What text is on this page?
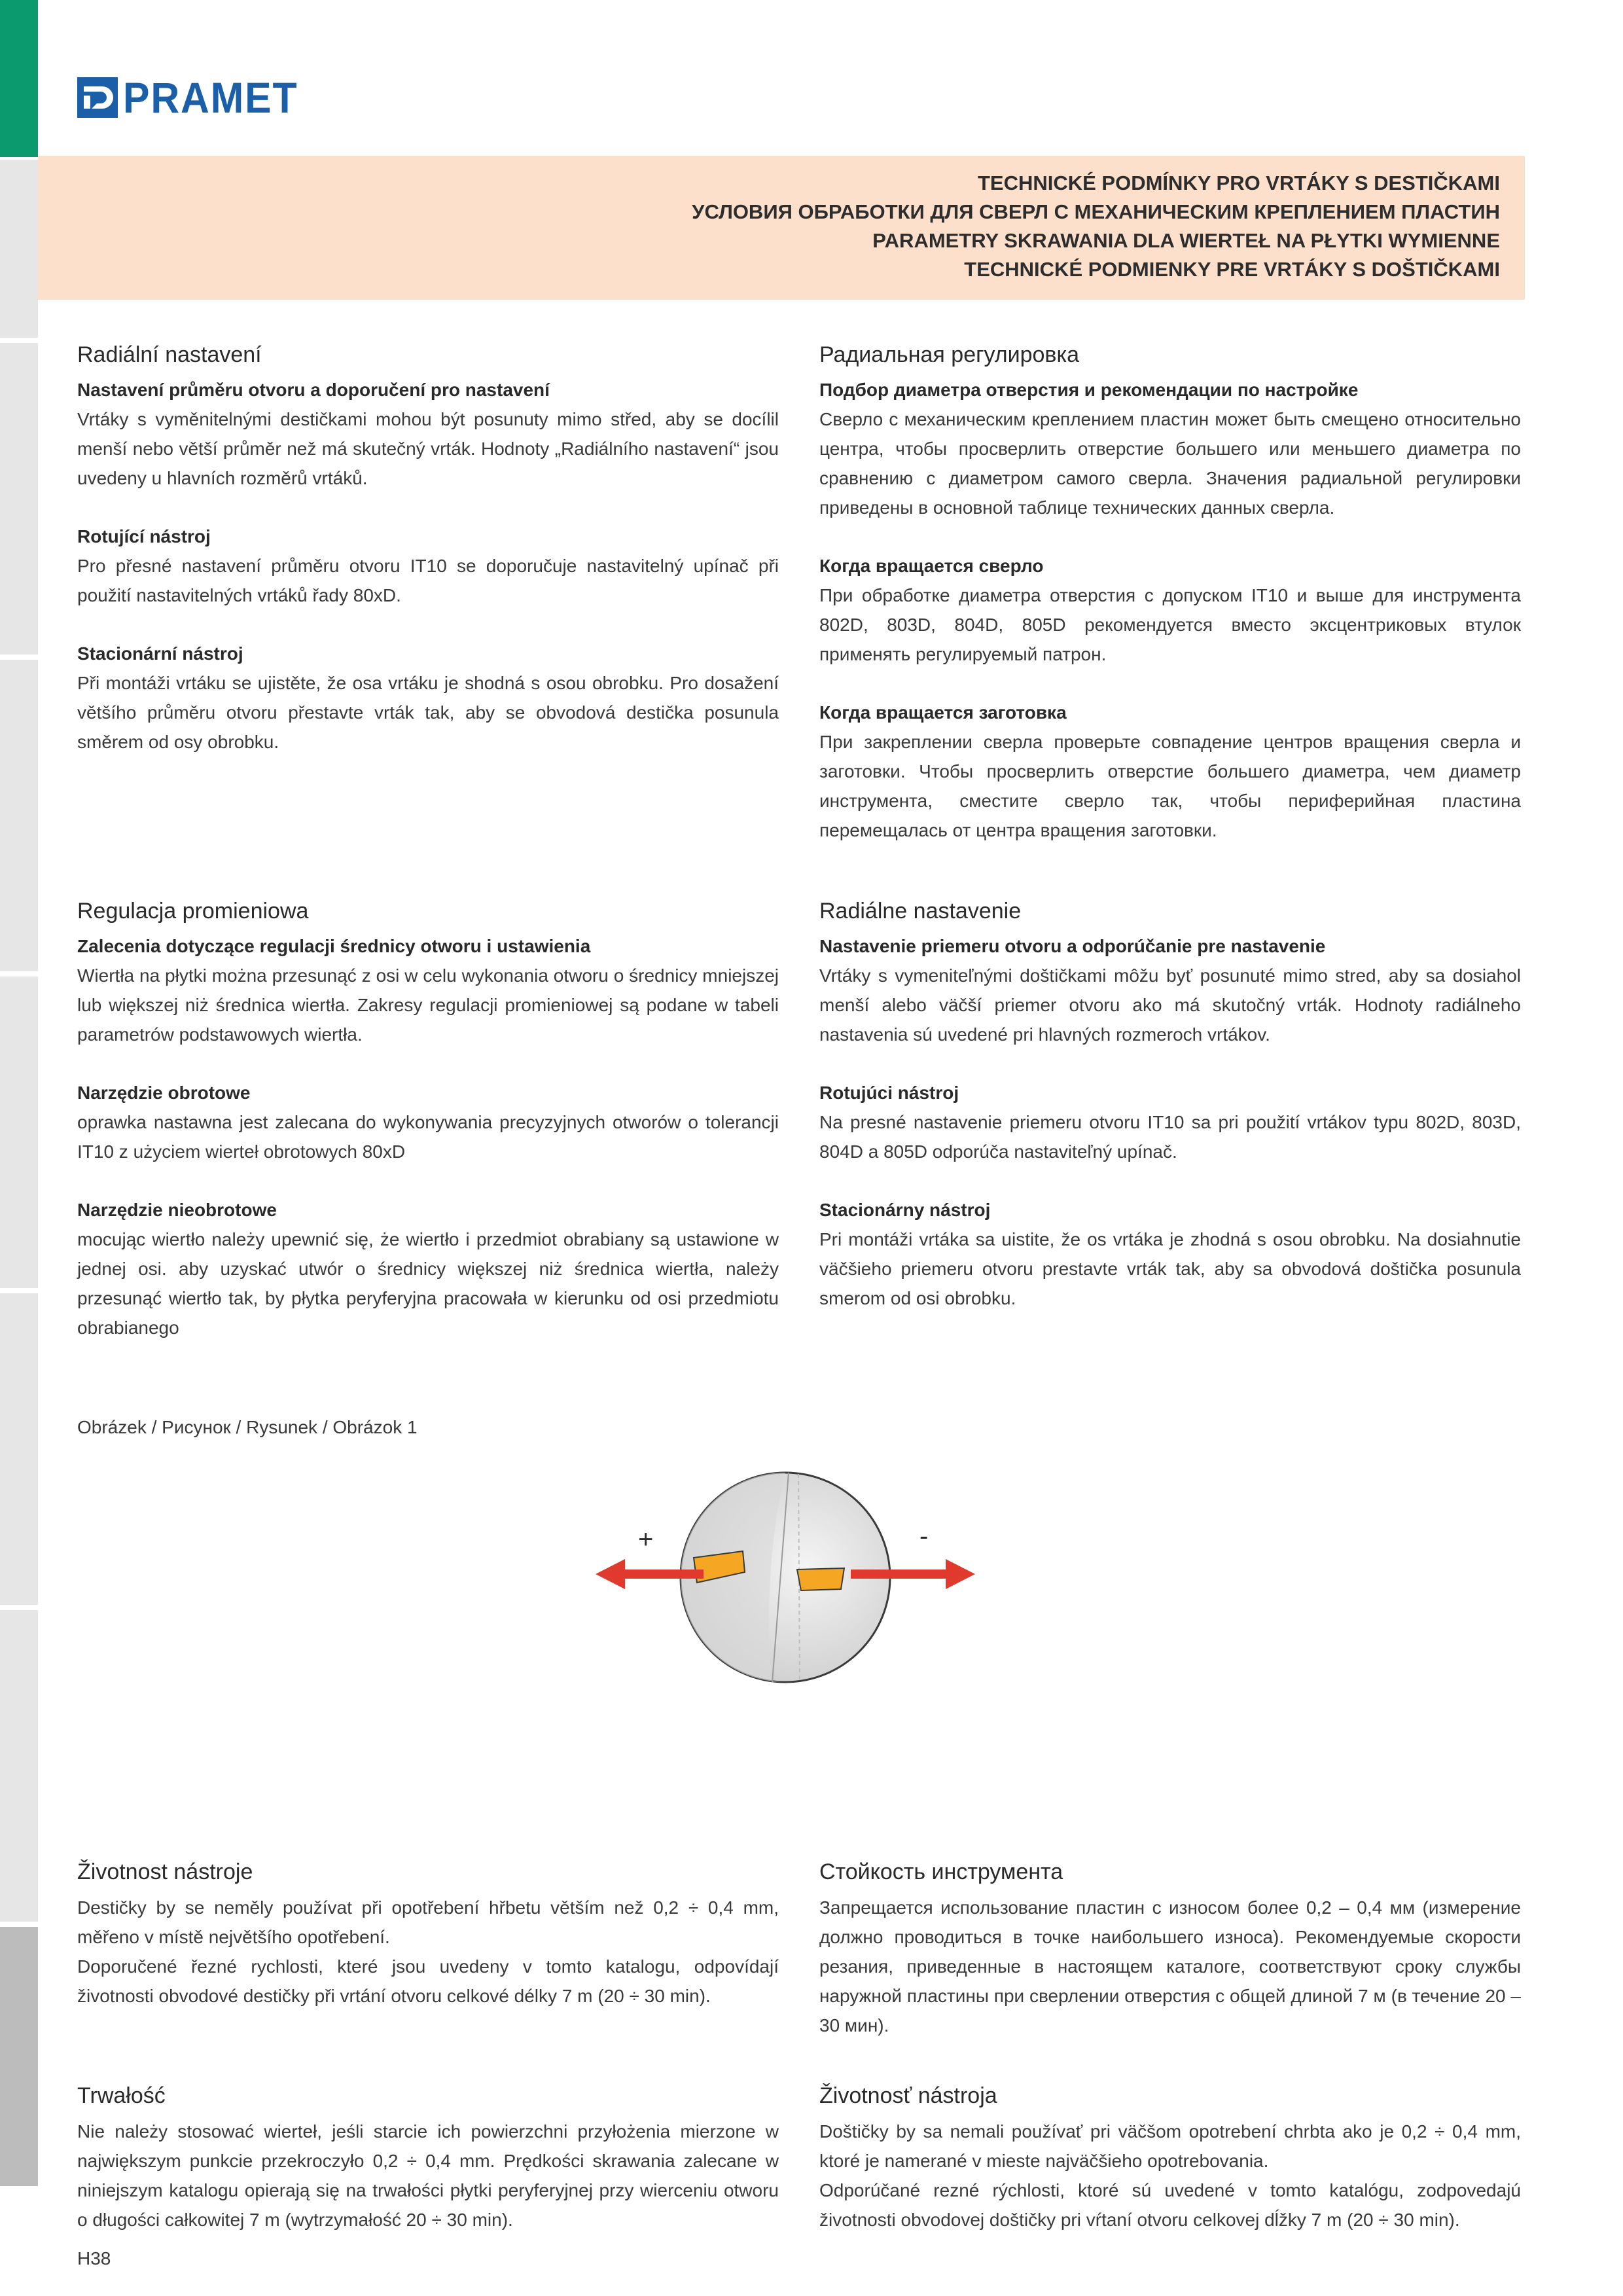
PRAMET
TECHNICKÉ PODMÍNKY PRO VRTÁKY S DESTIČKAMI
УСЛОВИЯ ОБРАБОТКИ ДЛЯ СВЕРЛ С МЕХАНИЧЕСКИМ КРЕПЛЕНИЕМ ПЛАСТИН
PARAMETRY SKRAWANIA DLA WIERTEŁ NA PŁYTKI WYMIENNE
TECHNICKÉ PODMIENKY PRE VRTÁKY S DOŠTIČKAMI
Radiální nastavení
Nastavení průměru otvoru a doporučení pro nastavení
Vrtáky s vyměnitelnými destičkami mohou být posunuty mimo střed, aby se docílil menší nebo větší průměr než má skutečný vrták. Hodnoty „Radiálního nastavení“ jsou uvedeny u hlavních rozměrů vrtáků.
Rotující nástroj
Pro přesné nastavení průměru otvoru IT10 se doporučuje nastavitelný upínač při použití nastavitelných vrtáků řady 80xD.
Stacionární nástroj
Při montáži vrtáku se ujistěte, že osa vrtáku je shodná s osou obrobku. Pro dosažení většího průměru otvoru přestavte vrták tak, aby se obvodová destička posunula směrem od osy obrobku.
Радиальная регулировка
Подбор диаметра отверстия и рекомендации по настройке
Сверло с механическим креплением пластин может быть смещено относительно центра, чтобы просверлить отверстие большего или меньшего диаметра по сравнению с диаметром самого сверла. Значения радиальной регулировки приведены в основной таблице технических данных сверла.
Когда вращается сверло
При обработке диаметра отверстия с допуском IT10 и выше для инструмента 802D, 803D, 804D, 805D рекомендуется вместо эксцентриковых втулок применять регулируемый патрон.
Когда вращается заготовка
При закреплении сверла проверьте совпадение центров вращения сверла и заготовки. Чтобы просверлить отверстие большего диаметра, чем диаметр инструмента, сместите сверло так, чтобы периферийная пластина перемещалась от центра вращения заготовки.
Regulacja promieniowa
Zalecenia dotyczące regulacji średnicy otworu i ustawienia
Wiertła na płytki można przesunąć z osi w celu wykonania otworu o średnicy mniejszej lub większej niż średnica wiertła. Zakresy regulacji promieniowej są podane w tabeli parametrów podstawowych wiertła.
Narzędzie obrotowe
oprawka nastawna jest zalecana do wykonywania precyzyjnych otworów o tolerancji IT10 z użyciem wierteł obrotowych 80xD
Narzędzie nieobrotowe
mocując wiertło należy upewnić się, że wiertło i przedmiot obrabiany są ustawione w jednej osi. aby uzyskać utwór o średnicy większej niż średnica wiertła, należy przesunąć wiertło tak, by płytka peryferyjna pracowała w kierunku od osi przedmiotu obrabianego
Radiálne nastavenie
Nastavenie priemeru otvoru a odporúčanie pre nastavenie
Vrtáky s vymeniteľnými doštičkami môžu byť posunuté mimo stred, aby sa dosiahol menší alebo väčší priemer otvoru ako má skutočný vrták. Hodnoty radiálneho nastavenia sú uvedené pri hlavných rozmeroch vrtákov.
Rotujúci nástroj
Na presné nastavenie priemeru otvoru IT10 sa pri použití vrtákov typu 802D, 803D, 804D a 805D odporúča nastaviteľný upínač.
Stacionárny nástroj
Pri montáži vrtáka sa uistite, že os vrtáka je zhodná s osou obrobku. Na dosiahnutie väčšieho priemeru otvoru prestavte vrták tak, aby sa obvodová doštička posunula smerom od osi obrobku.
Obrázek / Рисунок / Rysunek / Obrázok 1
+	-
Životnost nástroje
Destičky by se neměly používat při opotřebení hřbetu větším než 0,2 ÷ 0,4 mm, měřeno v místě největšího opotřebení.
Doporučené řezné rychlosti, které jsou uvedeny v tomto katalogu, odpovídají životnosti obvodové destičky při vrtání otvoru celkové délky 7 m (20 ÷ 30 min).
Стойкость инструмента
Запрещается использование пластин с износом более 0,2 – 0,4 мм (измерение должно проводиться в точке наибольшего износа). Рекомендуемые скорости резания, приведенные в настоящем каталоге, соответствуют сроку службы наружной пластины при сверлении отверстия с общей длиной 7 м (в течение 20 – 30 мин).
Trwałość
Nie należy stosować wierteł, jeśli starcie ich powierzchni przyłożenia mierzone w największym punkcie przekroczyło 0,2 ÷ 0,4 mm. Prędkości skrawania zalecane w niniejszym katalogu opierają się na trwałości płytki peryferyjnej przy wierceniu otworu o długości całkowitej 7 m (wytrzymałość 20 ÷ 30 min).
Životnosť nástroja
Doštičky by sa nemali používať pri väčšom opotrebení chrbta ako je 0,2 ÷ 0,4 mm, ktoré je namerané v mieste najväčšieho opotrebovania.
Odporúčané rezné rýchlosti, ktoré sú uvedené v tomto katalógu, zodpovedajú životnosti obvodovej doštičky pri vŕtaní otvoru celkovej dĺžky 7 m (20 ÷ 30 min).
H38
